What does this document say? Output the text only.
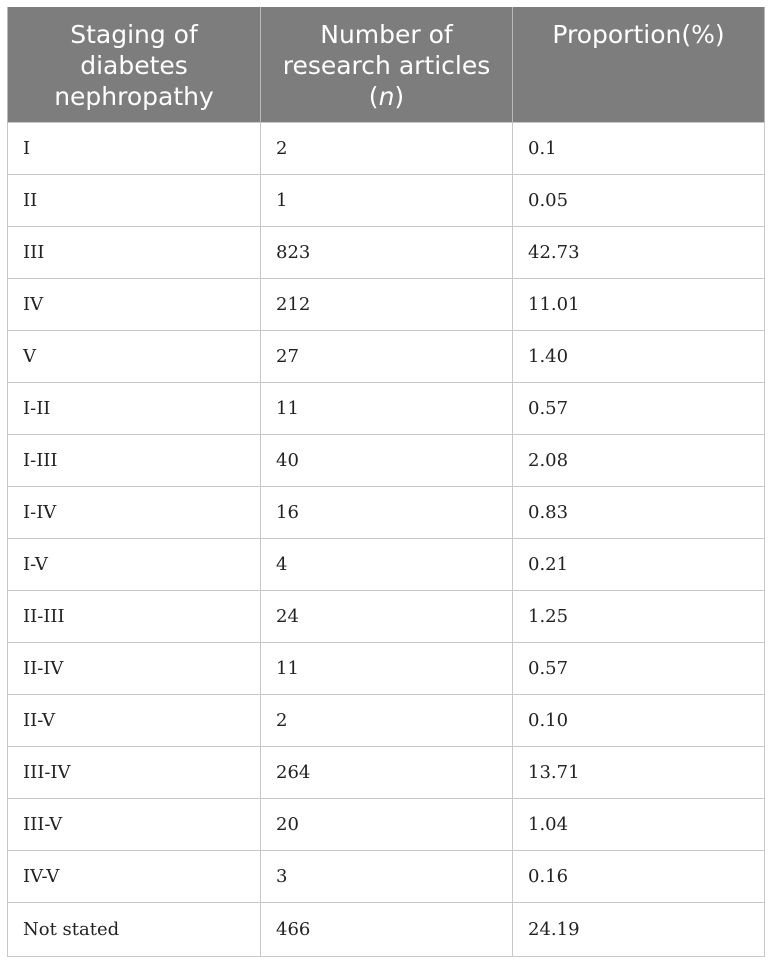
Staging of diabetes nephropathy	Number of research articles (n)	Proportion(%)
I	2	0.1
II	1	0.05
III	823	42.73
IV	212	11.01
V	27	1.40
I-II	11	0.57
I-III	40	2.08
I-IV	16	0.83
I-V	4	0.21
II-III	24	1.25
II-IV	11	0.57
II-V	2	0.10
III-IV	264	13.71
III-V	20	1.04
IV-V	3	0.16
Not stated	466	24.19
